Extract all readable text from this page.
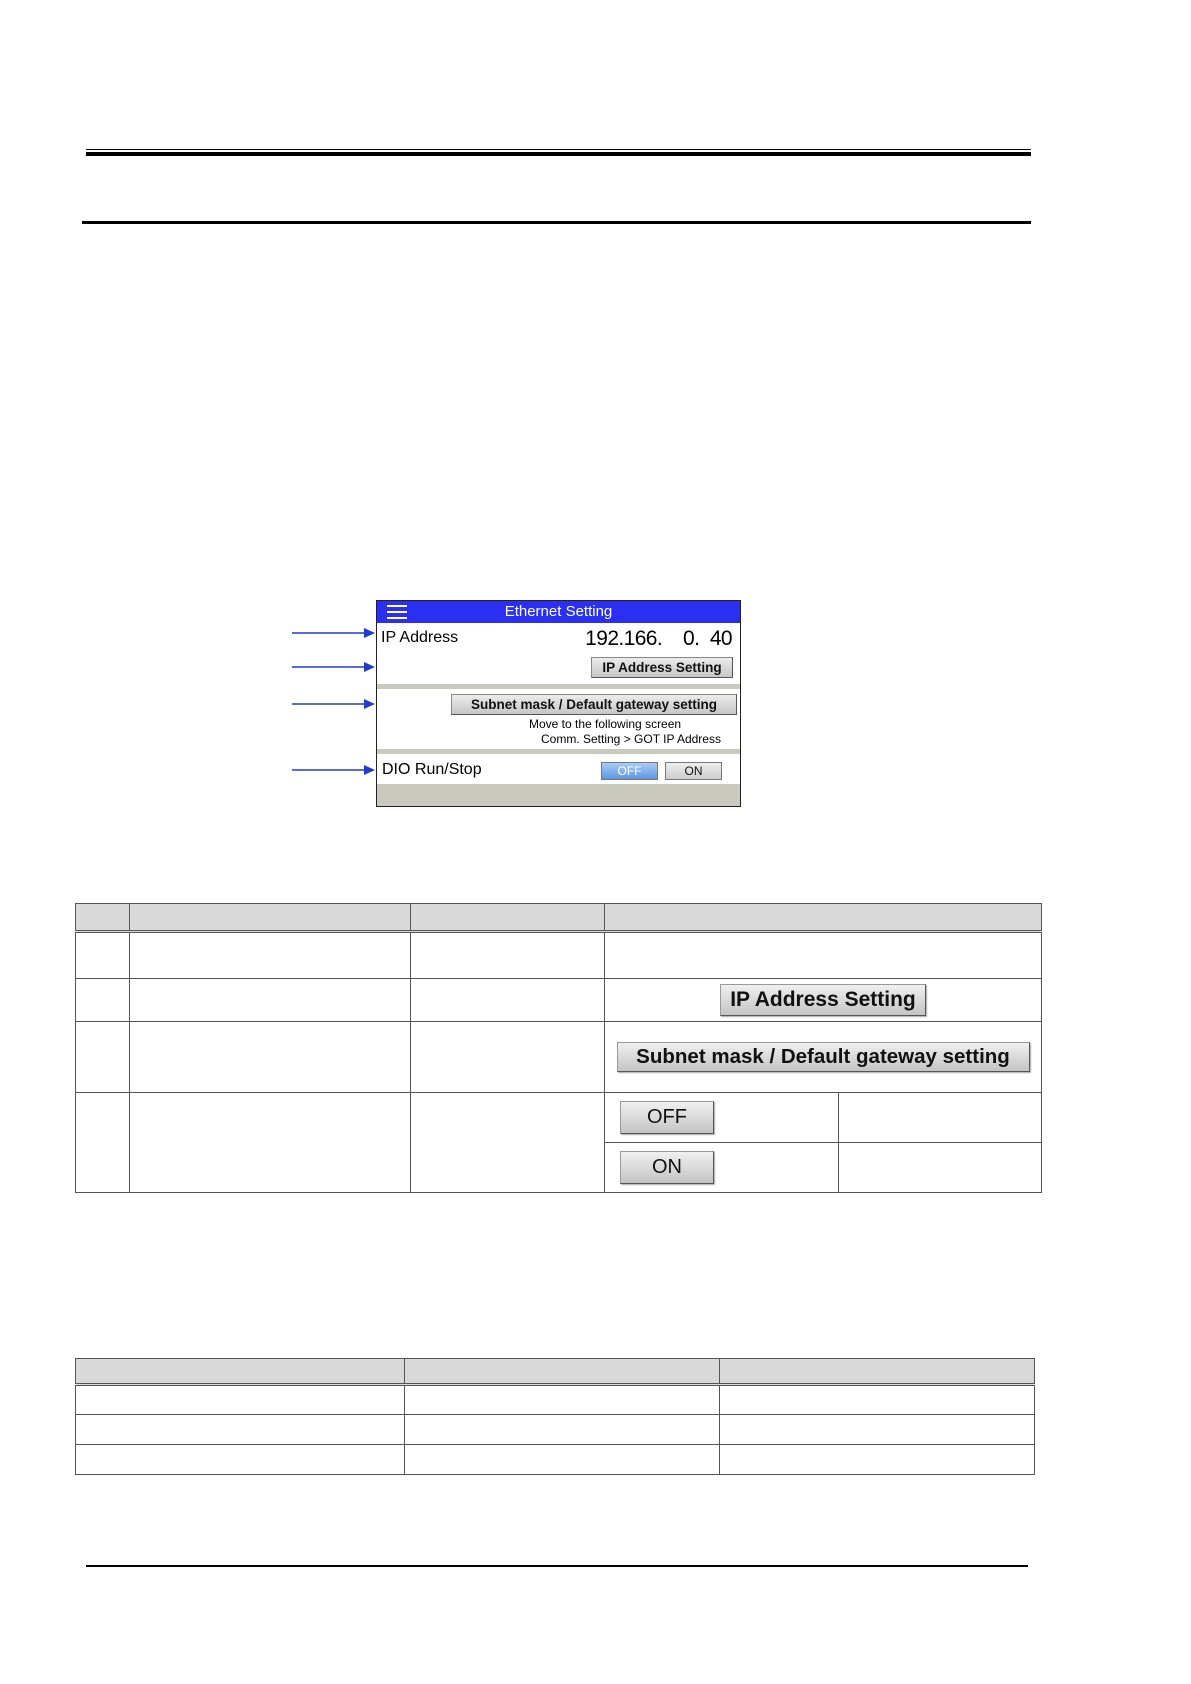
Ethernet Setting
IP Address	192.166.    0.  40
IP Address Setting
Subnet mask / Default gateway setting
Move to the following screen
Comm. Setting > GOT IP Address
DIO Run/Stop	OFF	ON

			IP Address Setting	
			Subnet mask / Default gateway setting	
			OFF	
			ON	
